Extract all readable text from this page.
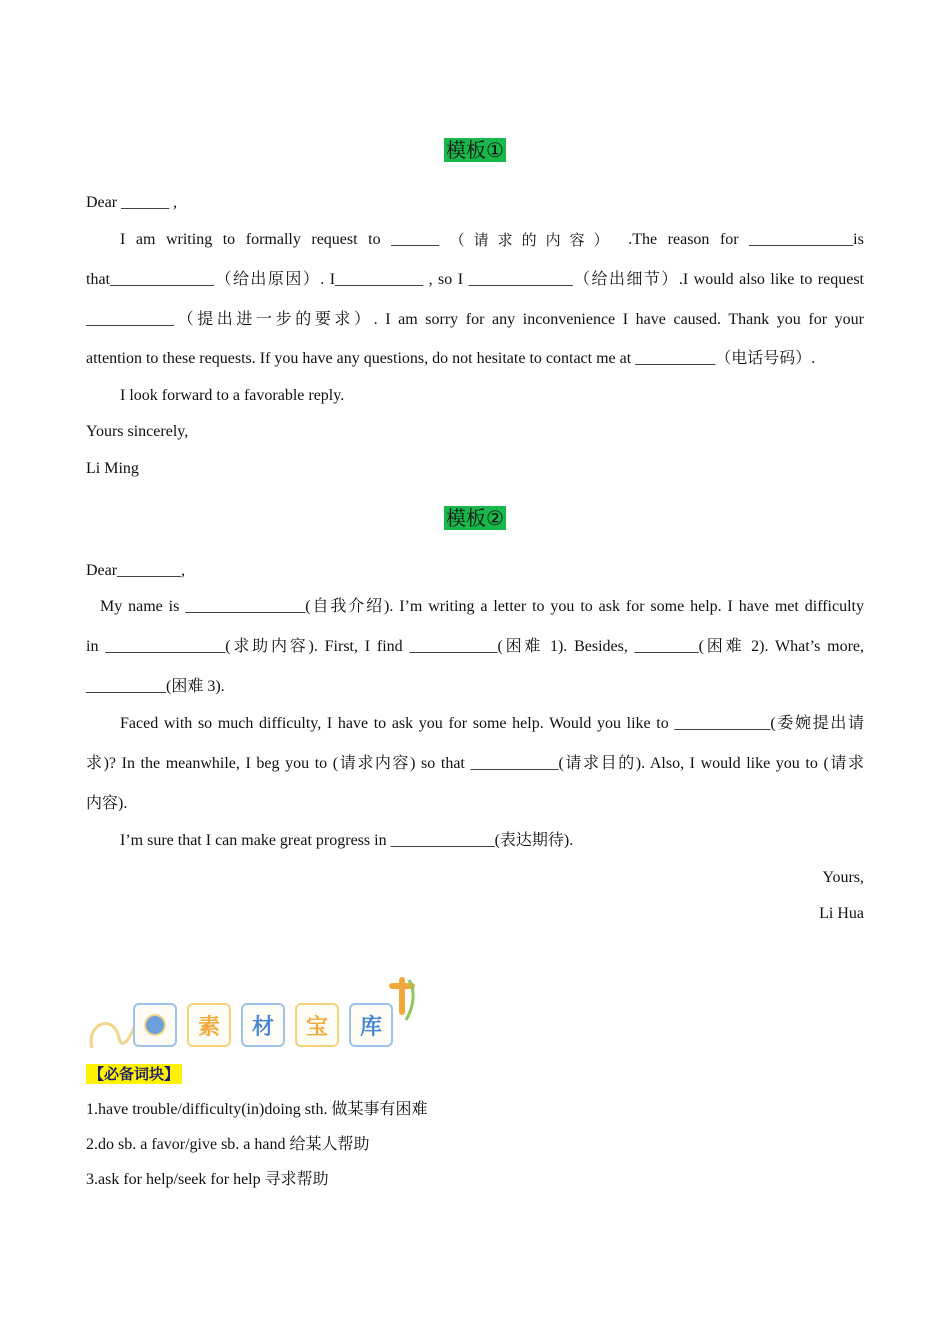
模板①
Dear ______ ,
I am writing to formally request to ______ （请求的内容） .The reason for _____________is
that_____________（给出原因）. I___________ , so I _____________（给出细节）.I would also like to request
___________（提出进一步的要求）. I am sorry for any inconvenience I have caused. Thank you for your
attention to these requests. If you have any questions, do not hesitate to contact me at __________（电话号码）.
I look forward to a favorable reply.
Yours sincerely,
Li Ming
模板②
Dear________,
My name is _______________(自我介绍). I’m writing a letter to you to ask for some help. I have met difficulty
in _______________(求助内容). First, I find ___________(困难 1). Besides, ________(困难 2). What’s more,
__________(困难 3).
Faced with so much difficulty, I have to ask you for some help. Would you like to ____________(委婉提出请
求)? In the meanwhile, I beg you to (请求内容) so that ___________(请求目的). Also, I would like you to (请求
内容).
I’m sure that I can make great progress in _____________(表达期待).
Yours,
Li Hua
素	材	宝	库
【必备词块】
1.have trouble/difficulty(in)doing sth. 做某事有困难
2.do sb. a favor/give sb. a hand 给某人帮助
3.ask for help/seek for help 寻求帮助
